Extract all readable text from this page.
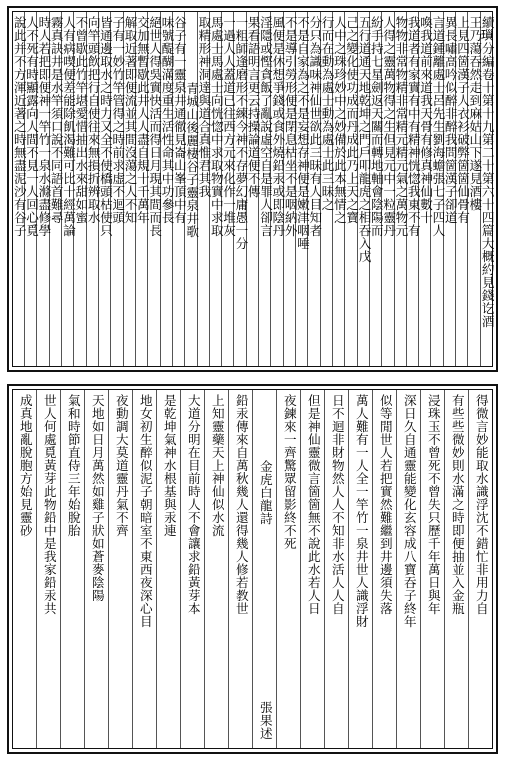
續𤨏分編卷十第十九第二十第六十四篇大概約見錢讫酒
王乃蕩吞然走到麻姑山下遂見酒樓
上見四箇漢子人衣衫破弊箇箇仙骨有
異長嘯高吟似醉非醉我問箇漢子卻道
言道鍾離處士呂先生劉海蟾張七子四人
喚我道前來道我天骨有修真神仙數十
我道者有家實有中有精神恍惚我東不有
物物非常物精非常精元精元氣之萬物元
人得之靈萬物得之生但見元中一粒靈丹
紛手持七星劍返天關而轉地軸會陰陽而
五行道通天地乾坤之門戶叩龍虎之相吞入戊
己之變化使功成而丹成此乃上天之寶
人中之珠珍妙中之妙備於此本無情之
行而在動為處士動為處士此三昧之
分只為識味神仙世欲此三昧有人目知者
不是自家為之不是妄想存神便是嫩津咽唾
不是導引勞形便是閉息枯坐不是咽納外
風便是休想爭錢或食外燒鉛汞或即陰丹
淫隱或慳貪飯了亂說虛空自是罪人卻言
果看語明言更云持操論道便不傳
一粗師逢磨形不練今神不存夢幻庸愚一分
一過人人蓋道已往西方元來化作一堆灰
馬處士馬處士向恍惚中求取物實中求取
取精形神洞達與道合真惟君其我
青城山後麗棲谷子靈泉井歌
谷子有一靈泉井通徹見崙山峯頂中有
味號醍醐滿度重生活性命其中功參長
絕世人得吳實快活而得日月現其間而長
交加無暫歇此井人人盡自規十千萬年
解取近著即便流並其間沒蕩之人不知
子有一妙竹竿管得之時前求虚不迴頭
皆通邊取水之時力又全不使橋頭枯使只
向竿頭飲把行自使往來無損折辨取水
不曾歇此竹竿堪愛惜抽出水來甜如蜜
人有病喫便差能除飢渴難可比十經萬論
霧真訣井是水竿須口說不同語首難尋
時人若把即便神一竿竹一泉水滌盡修學
人不死有時顯露向人間不見一人回心覓
說此并不方渾近著之時無盡泥沙有谷子
得微言妙能取水識浮沈不錯忙非用力自
有些些微妙則水滿之時即便抽並入金瓶
浸珠玉不曾死不曾失只歷千年萬日與年
深日久自通靈能變化玄容成八寶吞子終年
似等閒世人若把實然難繼到井邊須失落
萬人難有一人全一竿竹一泉井世人識浮財
日不迴非財物然人人不知非水活人人自
但是神仙靈微言箇箇無不說此水若人日
夜鍊來一齊驚眾留影終不死
金虎白龍詩
張果述
鉛汞傳來自萬秋幾人還得幾人修若教世
上知靈藥天上神仙似水流
大道分明在目前時人不會讓求鉛黃芽本
是乾坤氣神水根基與汞連
地女初生醉似泥子朝暗室不東西夜深心目
夜動調大莫道靈丹氣不齊
天地如日月萬然如雞子狀如蒼麥陰陽
氣和時節直侍三年始脫胎
世人何處覓黃芽此物鉛中是我家鉛汞共
成真地亂脫胞方始見靈砂
